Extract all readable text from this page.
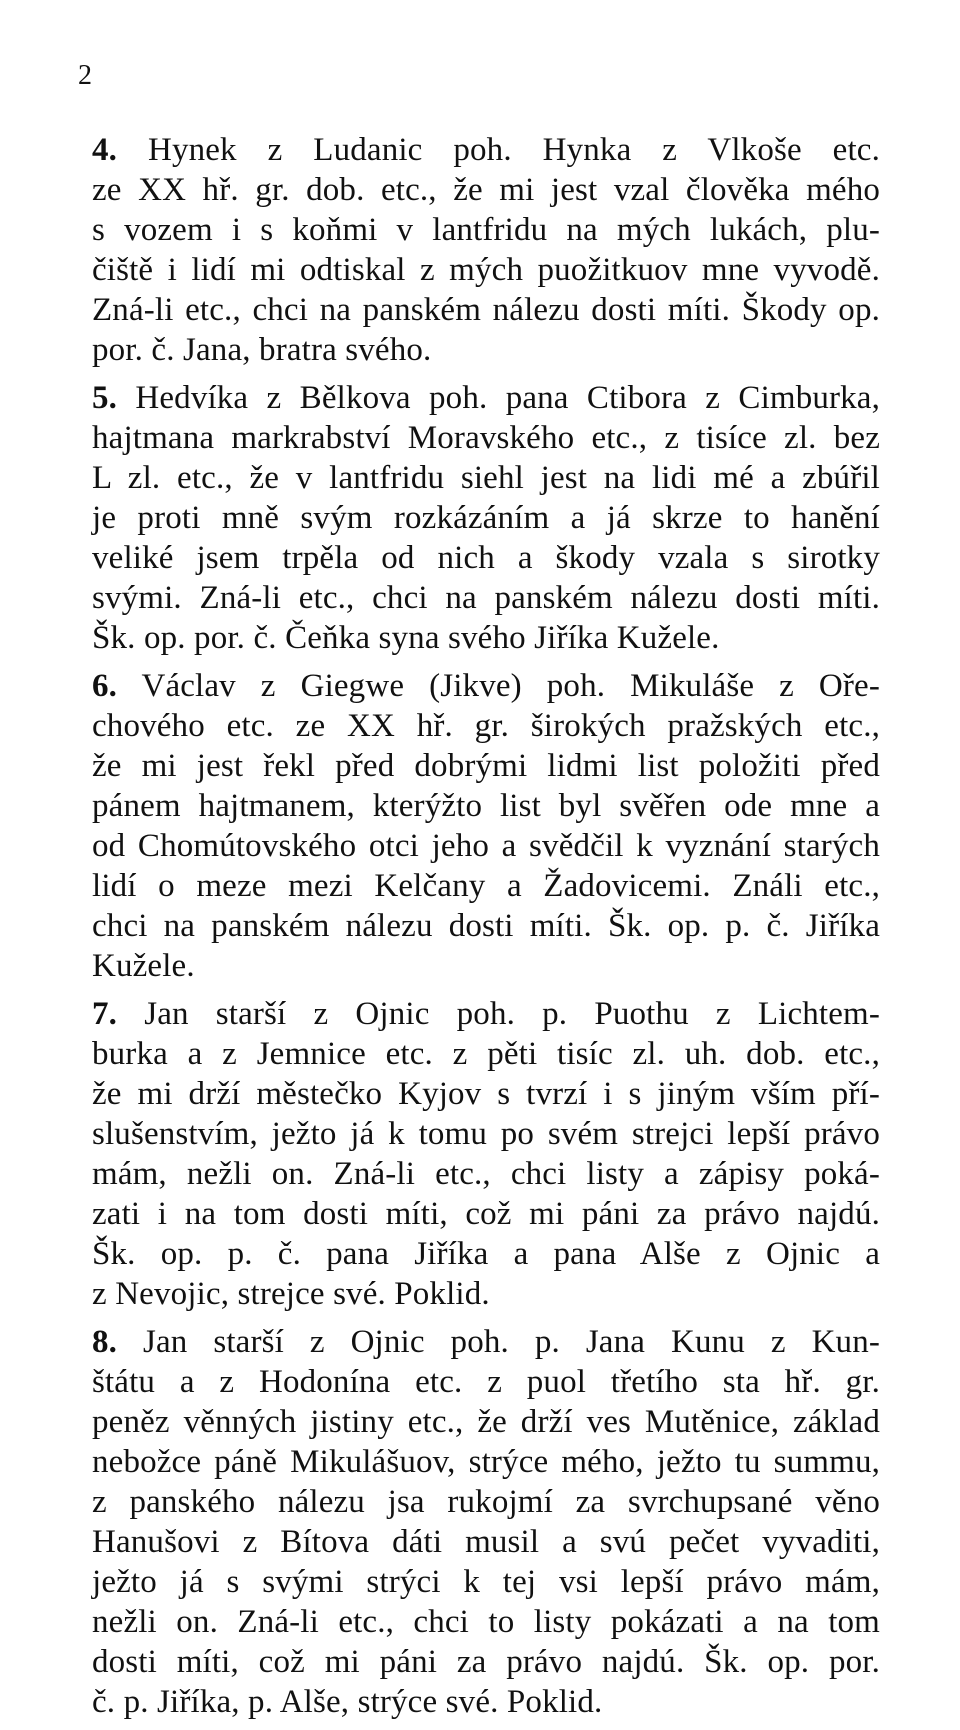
2
4. Hynek z Ludanic poh. Hynka z Vlkoše etc.
ze XX hř. gr. dob. etc., že mi jest vzal člověka mého
s vozem i s koňmi v lantfridu na mých lukách, plu-
čiště i lidí mi odtiskal z mých puožitkuov mne vyvodě.
Zná-li etc., chci na panském nálezu dosti míti. Škody op.
por. č. Jana, bratra svého.
5. Hedvíka z Bělkova poh. pana Ctibora z Cimburka,
hajtmana markrabství Moravského etc., z tisíce zl. bez
L zl. etc., že v lantfridu siehl jest na lidi mé a zbúřil
je proti mně svým rozkázáním a já skrze to hanění
veliké jsem trpěla od nich a škody vzala s sirotky
svými. Zná-li etc., chci na panském nálezu dosti míti.
Šk. op. por. č. Čeňka syna svého Jiříka Kužele.
6. Václav z Giegwe (Jikve) poh. Mikuláše z Oře-
chového etc. ze XX hř. gr. širokých pražských etc.,
že mi jest řekl před dobrými lidmi list položiti před
pánem hajtmanem, kterýžto list byl svěřen ode mne a
od Chomútovského otci jeho a svědčil k vyznání starých
lidí o meze mezi Kelčany a Žadovicemi. Ználi etc.,
chci na panském nálezu dosti míti. Šk. op. p. č. Jiříka
Kužele.
7. Jan starší z Ojnic poh. p. Puothu z Lichtem-
burka a z Jemnice etc. z pěti tisíc zl. uh. dob. etc.,
že mi drží městečko Kyjov s tvrzí i s jiným vším pří-
slušenstvím, ježto já k tomu po svém strejci lepší právo
mám, nežli on. Zná-li etc., chci listy a zápisy poká-
zati i na tom dosti míti, což mi páni za právo najdú.
Šk. op. p. č. pana Jiříka a pana Alše z Ojnic a
z Nevojic, strejce své. Poklid.
8. Jan starší z Ojnic poh. p. Jana Kunu z Kun-
štátu a z Hodonína etc. z puol třetího sta hř. gr.
peněz věnných jistiny etc., že drží ves Mutěnice, základ
nebožce páně Mikulášuov, strýce mého, ježto tu summu,
z panského nálezu jsa rukojmí za svrchupsané věno
Hanušovi z Bítova dáti musil a svú pečet vyvaditi,
ježto já s svými strýci k tej vsi lepší právo mám,
nežli on. Zná-li etc., chci to listy pokázati a na tom
dosti míti, což mi páni za právo najdú. Šk. op. por.
č. p. Jiříka, p. Alše, strýce své. Poklid.
